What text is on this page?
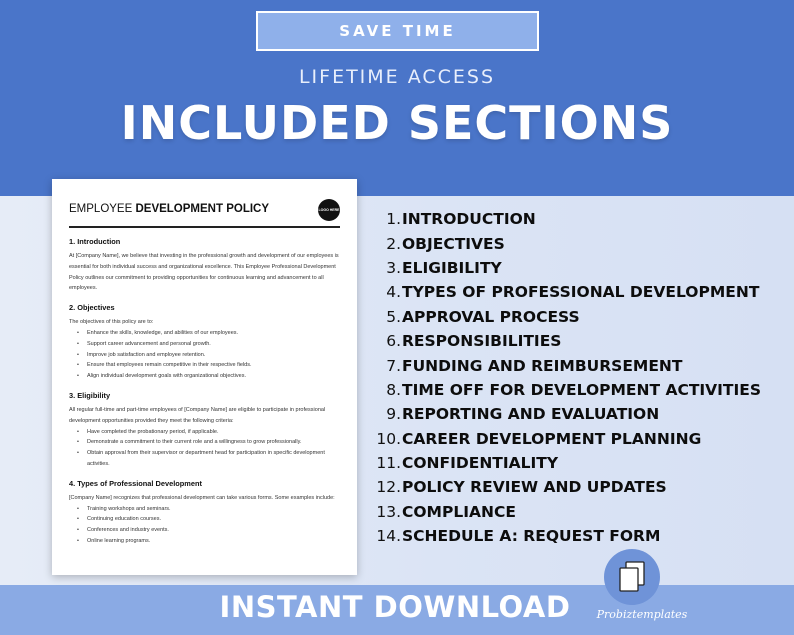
SAVE TIME
LIFETIME ACCESS
INCLUDED SECTIONS
EMPLOYEE DEVELOPMENT POLICY	LOGO HERE
1. Introduction
At [Company Name], we believe that investing in the professional growth and development of our employees is essential for both individual success and organizational excellence. This Employee Professional Development Policy outlines our commitment to providing opportunities for continuous learning and advancement to all employees.
2. Objectives
The objectives of this policy are to:
• Enhance the skills, knowledge, and abilities of our employees.
• Support career advancement and personal growth.
• Improve job satisfaction and employee retention.
• Ensure that employees remain competitive in their respective fields.
• Align individual development goals with organizational objectives.
3. Eligibility
All regular full-time and part-time employees of [Company Name] are eligible to participate in professional development opportunities provided they meet the following criteria:
• Have completed the probationary period, if applicable.
• Demonstrate a commitment to their current role and a willingness to grow professionally.
• Obtain approval from their supervisor or department head for participation in specific development activities.
4. Types of Professional Development
[Company Name] recognizes that professional development can take various forms. Some examples include:
• Training workshops and seminars.
• Continuing education courses.
• Conferences and industry events.
• Online learning programs.
1. INTRODUCTION
2. OBJECTIVES
3. ELIGIBILITY
4. TYPES OF PROFESSIONAL DEVELOPMENT
5. APPROVAL PROCESS
6. RESPONSIBILITIES
7. FUNDING AND REIMBURSEMENT
8. TIME OFF FOR DEVELOPMENT ACTIVITIES
9. REPORTING AND EVALUATION
10. CAREER DEVELOPMENT PLANNING
11. CONFIDENTIALITY
12. POLICY REVIEW AND UPDATES
13. COMPLIANCE
14. SCHEDULE A: REQUEST FORM
INSTANT DOWNLOAD	Probiztemplates
